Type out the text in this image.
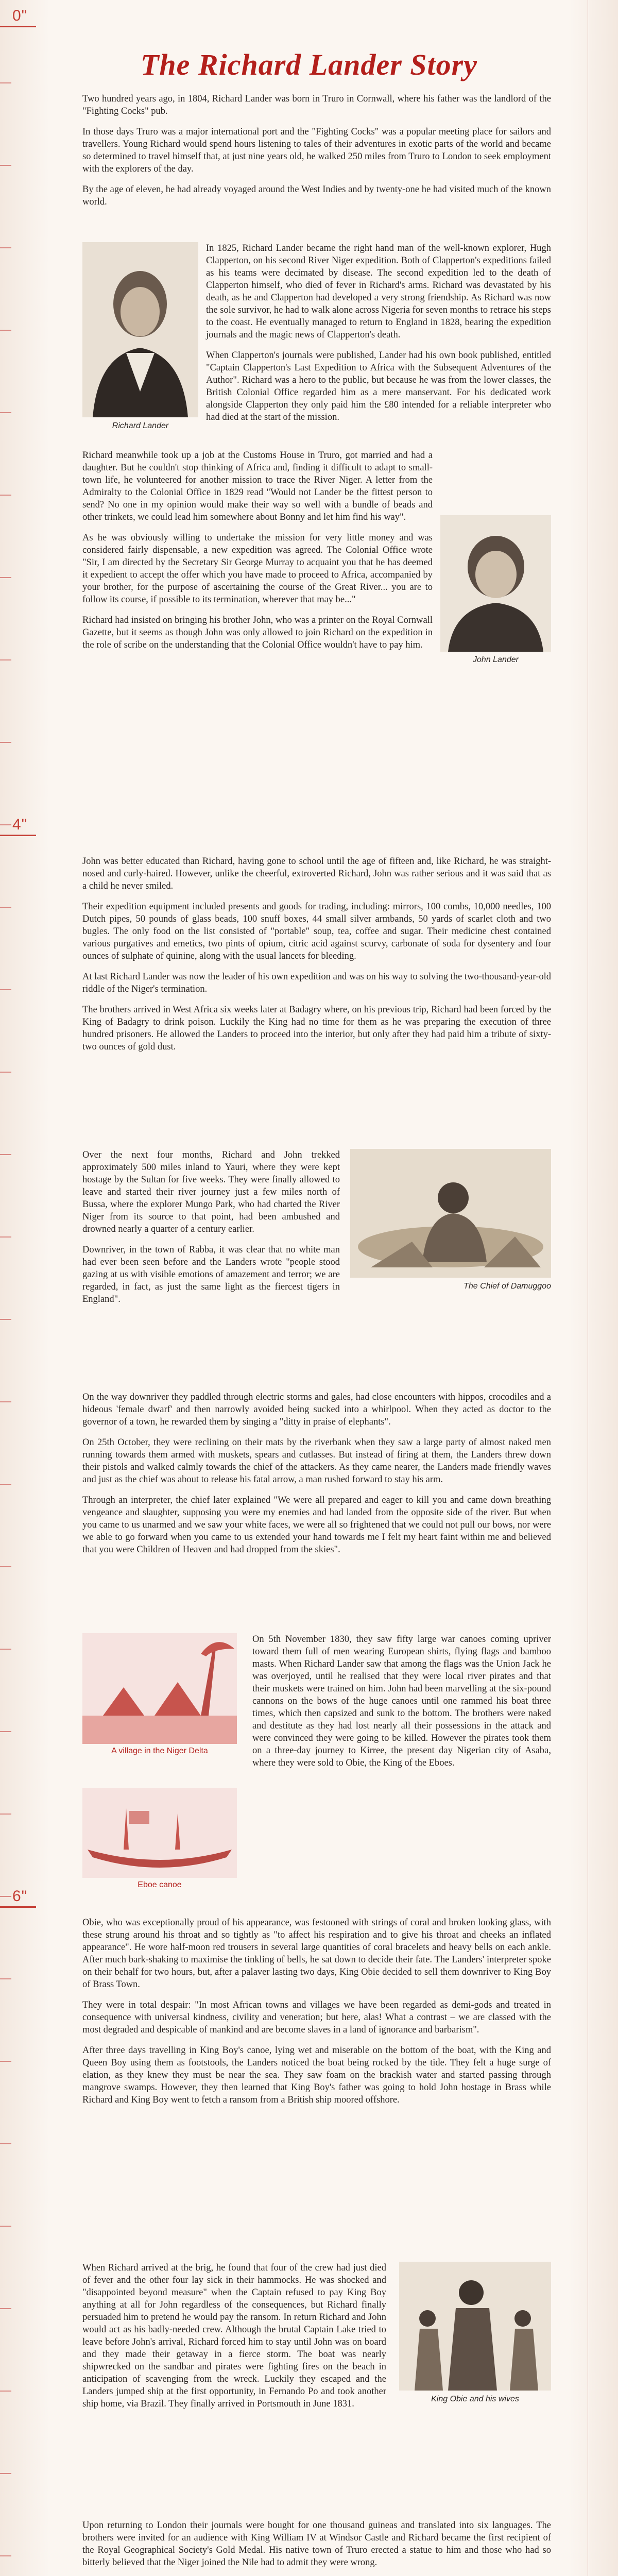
0"
4"
6"
The Richard Lander Story
Richard Lander
John Lander
The Chief of Damuggoo
A village in the Niger Delta
Eboe canoe
King Obie and his wives

Two hundred years ago, in 1804, Richard Lander was born in Truro in Cornwall, where his father was the landlord of the "Fighting Cocks" pub.

In those days Truro was a major international port and the "Fighting Cocks" was a popular meeting place for sailors and travellers. Young Richard would spend hours listening to tales of their adventures in exotic parts of the world and became so determined to travel himself that, at just nine years old, he walked 250 miles from Truro to London to seek employment with the explorers of the day.

By the age of eleven, he had already voyaged around the West Indies and by twenty-one he had visited much of the known world.

In 1825, Richard Lander became the right hand man of the well-known explorer, Hugh Clapperton, on his second River Niger expedition. Both of Clapperton's expeditions failed as his teams were decimated by disease. The second expedition led to the death of Clapperton himself, who died of fever in Richard's arms. Richard was devastated by his death, as he and Clapperton had developed a very strong friendship. As Richard was now the sole survivor, he had to walk alone across Nigeria for seven months to retrace his steps to the coast. He eventually managed to return to England in 1828, bearing the expedition journals and the magic news of Clapperton's death.

When Clapperton's journals were published, Lander had his own book published, entitled "Captain Clapperton's Last Expedition to Africa with the Subsequent Adventures of the Author". Richard was a hero to the public, but because he was from the lower classes, the British Colonial Office regarded him as a mere manservant. For his dedicated work alongside Clapperton they only paid him the £80 intended for a reliable interpreter who had died at the start of the mission.

Richard meanwhile took up a job at the Customs House in Truro, got married and had a daughter. But he couldn't stop thinking of Africa and, finding it difficult to adapt to small-town life, he volunteered for another mission to trace the River Niger. A letter from the Admiralty to the Colonial Office in 1829 read "Would not Lander be the fittest person to send? No one in my opinion would make their way so well with a bundle of beads and other trinkets, we could lead him somewhere about Bonny and let him find his way".

As he was obviously willing to undertake the mission for very little money and was considered fairly dispensable, a new expedition was agreed. The Colonial Office wrote "Sir, I am directed by the Secretary Sir George Murray to acquaint you that he has deemed it expedient to accept the offer which you have made to proceed to Africa, accompanied by your brother, for the purpose of ascertaining the course of the Great River... you are to follow its course, if possible to its termination, wherever that may be..."

Richard had insisted on bringing his brother John, who was a printer on the Royal Cornwall Gazette, but it seems as though John was only allowed to join Richard on the expedition in the role of scribe on the understanding that the Colonial Office wouldn't have to pay him.

John was better educated than Richard, having gone to school until the age of fifteen and, like Richard, he was straight-nosed and curly-haired. However, unlike the cheerful, extroverted Richard, John was rather serious and it was said that as a child he never smiled.

Their expedition equipment included presents and goods for trading, including: mirrors, 100 combs, 10,000 needles, 100 Dutch pipes, 50 pounds of glass beads, 100 snuff boxes, 44 small silver armbands, 50 yards of scarlet cloth and two bugles. The only food on the list consisted of "portable" soup, tea, coffee and sugar. Their medicine chest contained various purgatives and emetics, two pints of opium, citric acid against scurvy, carbonate of soda for dysentery and four ounces of sulphate of quinine, along with the usual lancets for bleeding.

At last Richard Lander was now the leader of his own expedition and was on his way to solving the two-thousand-year-old riddle of the Niger's termination.

The brothers arrived in West Africa six weeks later at Badagry where, on his previous trip, Richard had been forced by the King of Badagry to drink poison. Luckily the King had no time for them as he was preparing the execution of three hundred prisoners. He allowed the Landers to proceed into the interior, but only after they had paid him a tribute of sixty-two ounces of gold dust.

Over the next four months, Richard and John trekked approximately 500 miles inland to Yauri, where they were kept hostage by the Sultan for five weeks. They were finally allowed to leave and started their river journey just a few miles north of Bussa, where the explorer Mungo Park, who had charted the River Niger from its source to that point, had been ambushed and drowned nearly a quarter of a century earlier.

Downriver, in the town of Rabba, it was clear that no white man had ever been seen before and the Landers wrote "people stood gazing at us with visible emotions of amazement and terror; we are regarded, in fact, as just the same light as the fiercest tigers in England".

On the way downriver they paddled through electric storms and gales, had close encounters with hippos, crocodiles and a hideous 'female dwarf' and then narrowly avoided being sucked into a whirlpool. When they acted as doctor to the governor of a town, he rewarded them by singing a "ditty in praise of elephants".

On 25th October, they were reclining on their mats by the riverbank when they saw a large party of almost naked men running towards them armed with muskets, spears and cutlasses. But instead of firing at them, the Landers threw down their pistols and walked calmly towards the chief of the attackers. As they came nearer, the Landers made friendly waves and just as the chief was about to release his fatal arrow, a man rushed forward to stay his arm.

Through an interpreter, the chief later explained "We were all prepared and eager to kill you and came down breathing vengeance and slaughter, supposing you were my enemies and had landed from the opposite side of the river. But when you came to us unarmed and we saw your white faces, we were all so frightened that we could not pull our bows, nor were we able to go forward when you came to us extended your hand towards me I felt my heart faint within me and believed that you were Children of Heaven and had dropped from the skies".

On 5th November 1830, they saw fifty large war canoes coming upriver toward them full of men wearing European shirts, flying flags and bamboo masts. When Richard Lander saw that among the flags was the Union Jack he was overjoyed, until he realised that they were local river pirates and that their muskets were trained on him. John had been marvelling at the six-pound cannons on the bows of the huge canoes until one rammed his boat three times, which then capsized and sunk to the bottom. The brothers were naked and destitute as they had lost nearly all their possessions in the attack and were convinced they were going to be killed. However the pirates took them on a three-day journey to Kirree, the present day Nigerian city of Asaba, where they were sold to Obie, the King of the Eboes.

Obie, who was exceptionally proud of his appearance, was festooned with strings of coral and broken looking glass, with these strung around his throat and so tightly as "to affect his respiration and to give his throat and cheeks an inflated appearance". He wore half-moon red trousers in several large quantities of coral bracelets and heavy bells on each ankle. After much bark-shaking to maximise the tinkling of bells, he sat down to decide their fate. The Landers' interpreter spoke on their behalf for two hours, but, after a palaver lasting two days, King Obie decided to sell them downriver to King Boy of Brass Town.

They were in total despair: "In most African towns and villages we have been regarded as demi-gods and treated in consequence with universal kindness, civility and veneration; but here, alas! What a contrast – we are classed with the most degraded and despicable of mankind and are become slaves in a land of ignorance and barbarism".

After three days travelling in King Boy's canoe, lying wet and miserable on the bottom of the boat, with the King and Queen Boy using them as footstools, the Landers noticed the boat being rocked by the tide. They felt a huge surge of elation, as they knew they must be near the sea. They saw foam on the brackish water and started passing through mangrove swamps. However, they then learned that King Boy's father was going to hold John hostage in Brass while Richard and King Boy went to fetch a ransom from a British ship moored offshore.

When Richard arrived at the brig, he found that four of the crew had just died of fever and the other four lay sick in their hammocks. He was shocked and "disappointed beyond measure" when the Captain refused to pay King Boy anything at all for John regardless of the consequences, but Richard finally persuaded him to pretend he would pay the ransom. In return Richard and John would act as his badly-needed crew. Although the brutal Captain Lake tried to leave before John's arrival, Richard forced him to stay until John was on board and they made their getaway in a fierce storm. The boat was nearly shipwrecked on the sandbar and pirates were fighting fires on the beach in anticipation of scavenging from the wreck. Luckily they escaped and the Landers jumped ship at the first opportunity, in Fernando Po and took another ship home, via Brazil. They finally arrived in Portsmouth in June 1831.

Upon returning to London their journals were bought for one thousand guineas and translated into six languages. The brothers were invited for an audience with King William IV at Windsor Castle and Richard became the first recipient of the Royal Geographical Society's Gold Medal. His native town of Truro erected a statue to him and those who had so bitterly believed that the Niger joined the Nile had to admit they were wrong.
